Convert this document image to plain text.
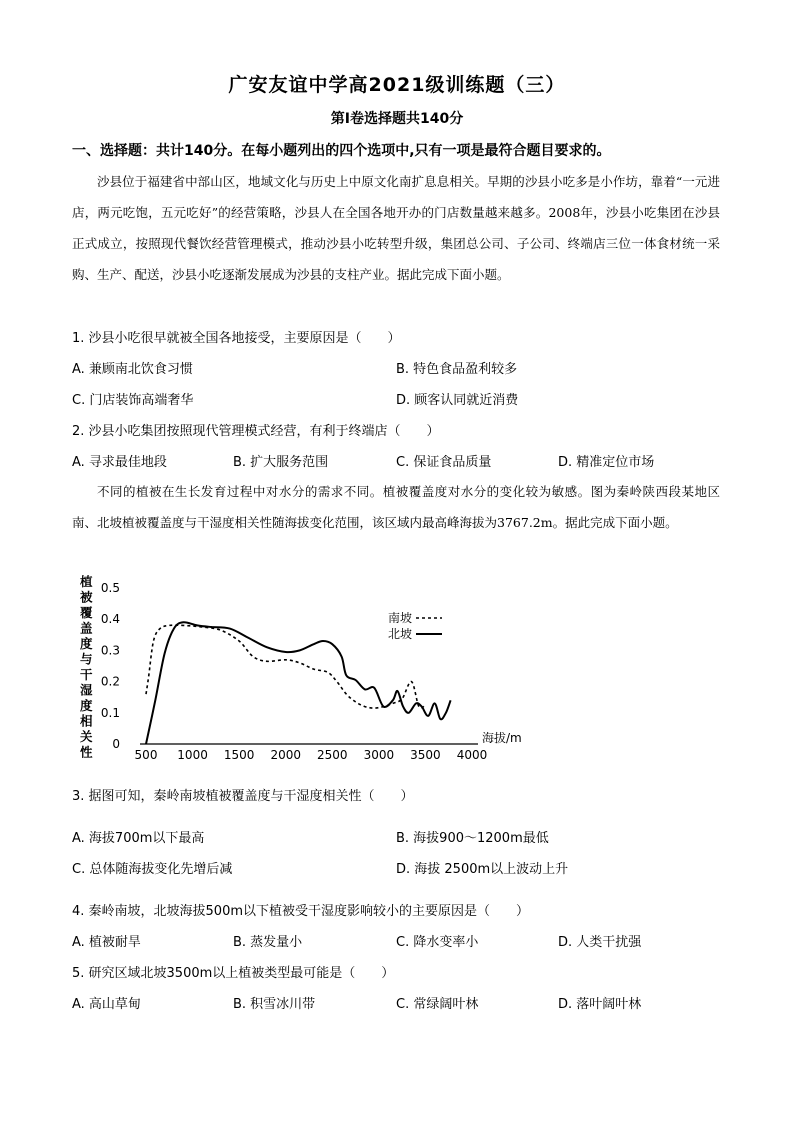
广安友谊中学高2021级训练题（三）
第Ⅰ卷选择题共140分
一、选择题：共计140分。在每小题列出的四个选项中,只有一项是最符合题目要求的。
沙县位于福建省中部山区，地域文化与历史上中原文化南扩息息相关。早期的沙县小吃多是小作坊，靠着“一元进店，两元吃饱，五元吃好”的经营策略，沙县人在全国各地开办的门店数量越来越多。2008年，沙县小吃集团在沙县正式成立，按照现代餐饮经营管理模式，推动沙县小吃转型升级，集团总公司、子公司、终端店三位一体食材统一采购、生产、配送，沙县小吃逐渐发展成为沙县的支柱产业。据此完成下面小题。
1. 沙县小吃很早就被全国各地接受，主要原因是（　　）
A. 兼顾南北饮食习惯	B. 特色食品盈利较多
C. 门店装饰高端奢华	D. 顾客认同就近消费
2. 沙县小吃集团按照现代管理模式经营，有利于终端店（　　）
A. 寻求最佳地段	B. 扩大服务范围	C. 保证食品质量	D. 精准定位市场
不同的植被在生长发育过程中对水分的需求不同。植被覆盖度对水分的变化较为敏感。图为秦岭陕西段某地区南、北坡植被覆盖度与干湿度相关性随海拔变化范围，该区域内最高峰海拔为3767.2m。据此完成下面小题。
植
被
覆
盖
度
与
干
湿
度
相
关
性
0
0.1
0.2
0.3
0.4
0.5
500 1000 1500 2000 2500 3000 3500 4000
海拔/m
南坡
北坡
3. 据图可知，秦岭南坡植被覆盖度与干湿度相关性（　　）
A. 海拔700m以下最高	B. 海拔900～1200m最低
C. 总体随海拔变化先增后减	D. 海拔 2500m以上波动上升
4. 秦岭南坡，北坡海拔500m以下植被受干湿度影响较小的主要原因是（　　）
A. 植被耐旱	B. 蒸发量小	C. 降水变率小	D. 人类干扰强
5. 研究区域北坡3500m以上植被类型最可能是（　　）
A. 高山草甸	B. 积雪冰川带	C. 常绿阔叶林	D. 落叶阔叶林
